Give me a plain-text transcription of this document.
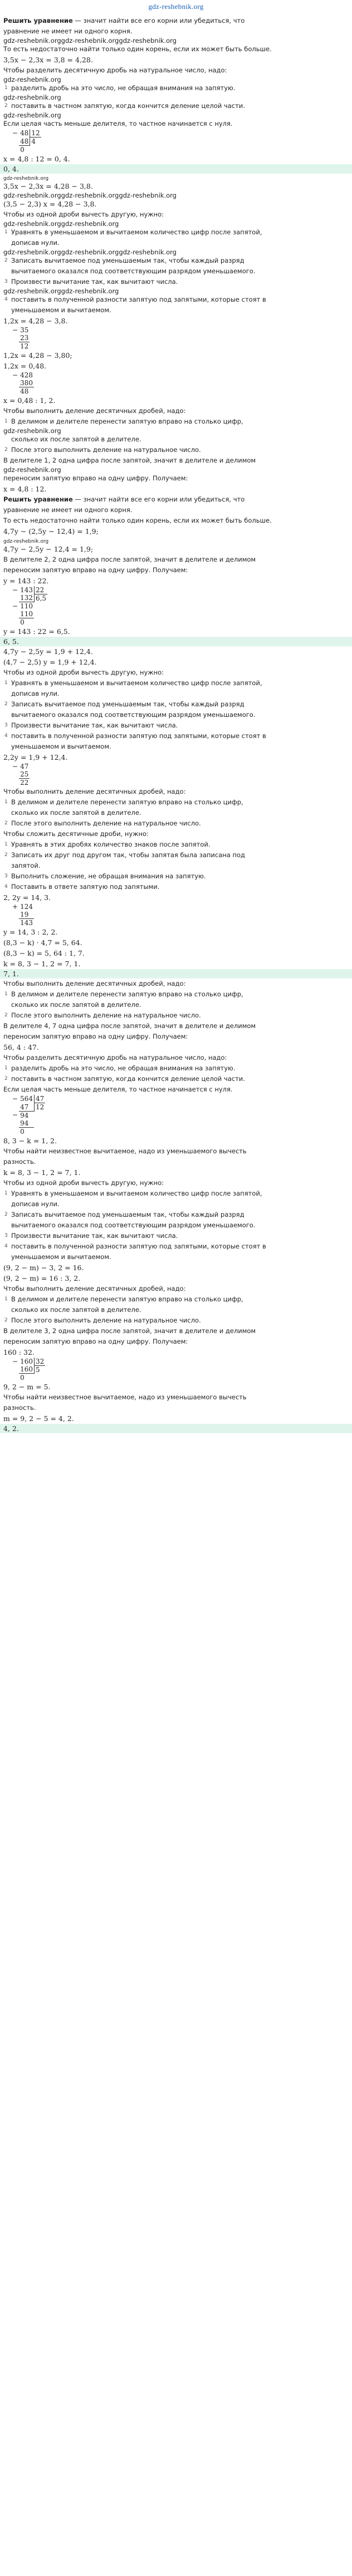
gdz-reshebnik.org

Решить уравнение — значит найти все его корни или убедиться, что

уравнение не имеет ни одного корня.

gdz-reshebnik.orggdz-reshebnik.orggdz-reshebnik.org

То есть недостаточно найти только один корень, если их может быть больше.

3,5x − 2,3x = 3,8 = 4,28.

Чтобы разделить десятичную дробь на натуральное число, надо:

gdz-reshebnik.org
1 разделить дробь на это число, не обращая внимания на запятую.
gdz-reshebnik.org
2 поставить в частном запятую, когда кончится деление целой части.
gdz-reshebnik.org

Если целая часть меньше делителя, то частное начинается с нуля.

−	48	12
	48	4
	0	

x = 4,8 : 12 = 0, 4.

0, 4.
gdz-reshebnik.org

3,5x − 2,3x = 4,28 − 3,8.

gdz-reshebnik.orggdz-reshebnik.orggdz-reshebnik.org

(3,5 − 2,3) x = 4,28 − 3,8.

Чтобы из одной дроби вычесть другую, нужно:

gdz-reshebnik.orggdz-reshebnik.org
1 Уравнять в уменьшаемом и вычитаемом количество цифр после запятой,

дописав нули.

gdz-reshebnik.orggdz-reshebnik.orggdz-reshebnik.org
2 Записать вычитаемое под уменьшаемым так, чтобы каждый разряд

вычитаемого оказался под соответствующим разрядом уменьшаемого.

3 Произвести вычитание так, как вычитают числа.
gdz-reshebnik.orggdz-reshebnik.org
4 поставить в полученной разности запятую под запятыми, которые стоят в

уменьшаемом и вычитаемом.

1,2x = 4,28 − 3,8.

−	35
	23
	12

1,2x = 4,28 − 3,80;

1,2x = 0,48.

−	428
	380
	48

x = 0,48 : 1, 2.

Чтобы выполнить деление десятичных дробей, надо:

1 В делимом и делителе перенести запятую вправо на столько цифр,
gdz-reshebnik.org

сколько их после запятой в делителе.

2 После этого выполнить деление на натуральное число.

В делителе 1, 2 одна цифра после запятой, значит в делителе и делимом

gdz-reshebnik.org

переносим запятую вправо на одну цифру. Получаем:

x = 4,8 : 12.

Решить уравнение — значит найти все его корни или убедиться, что

уравнение не имеет ни одного корня.

То есть недостаточно найти только один корень, если их может быть больше.

4,7y − (2,5y − 12,4) = 1,9;

gdz-reshebnik.org

4,7y − 2,5y − 12,4 = 1,9;

В делителе 2, 2 одна цифра после запятой, значит в делителе и делимом

переносим запятую вправо на одну цифру. Получаем:

y = 143 : 22.

−	143	22
	132	6,5
−	110	
	110	
	0	

y = 143 : 22 = 6,5.

6, 5.

4,7y − 2,5y = 1,9 + 12,4.

(4,7 − 2,5) y = 1,9 + 12,4.

Чтобы из одной дроби вычесть другую, нужно:

1 Уравнять в уменьшаемом и вычитаемом количество цифр после запятой,

дописав нули.

2 Записать вычитаемое под уменьшаемым так, чтобы каждый разряд

вычитаемого оказался под соответствующим разрядом уменьшаемого.

3 Произвести вычитание так, как вычитают числа.
4 поставить в полученной разности запятую под запятыми, которые стоят в

уменьшаемом и вычитаемом.

2,2y = 1,9 + 12,4.

−	47
	25
	22

Чтобы выполнить деление десятичных дробей, надо:

1 В делимом и делителе перенести запятую вправо на столько цифр,

сколько их после запятой в делителе.

2 После этого выполнить деление на натуральное число.

Чтобы сложить десятичные дроби, нужно:

1 Уравнять в этих дробях количество знаков после запятой.
2 Записать их друг под другом так, чтобы запятая была записана под

запятой.

3 Выполнить сложение, не обращая внимания на запятую.
4 Поставить в ответе запятую под запятыми.

2, 2y = 14, 3.

+	124
	19
	143

y = 14, 3 : 2, 2.

(8,3 − k) · 4,7 = 5, 64.

(8,3 − k) = 5, 64 : 1, 7.

k = 8, 3 − 1, 2 = 7, 1.

7, 1.

Чтобы выполнить деление десятичных дробей, надо:

1 В делимом и делителе перенести запятую вправо на столько цифр,

сколько их после запятой в делителе.

2 После этого выполнить деление на натуральное число.

В делителе 4, 7 одна цифра после запятой, значит в делителе и делимом

переносим запятую вправо на одну цифру. Получаем:

56, 4 : 47.

Чтобы разделить десятичную дробь на натуральное число, надо:

1 разделить дробь на это число, не обращая внимания на запятую.
2 поставить в частном запятую, когда кончится деление целой части.

Если целая часть меньше делителя, то частное начинается с нуля.

−	564	47
	47	12
−	94	
	94	
	0	

8, 3 − k = 1, 2.

Чтобы найти неизвестное вычитаемое, надо из уменьшаемого вычесть

разность.

k = 8, 3 − 1, 2 = 7, 1.

Чтобы из одной дроби вычесть другую, нужно:

1 Уравнять в уменьшаемом и вычитаемом количество цифр после запятой,

дописав нули.

2 Записать вычитаемое под уменьшаемым так, чтобы каждый разряд

вычитаемого оказался под соответствующим разрядом уменьшаемого.

3 Произвести вычитание так, как вычитают числа.
4 поставить в полученной разности запятую под запятыми, которые стоят в

уменьшаемом и вычитаемом.

(9, 2 − m) − 3, 2 = 16.

(9, 2 − m) = 16 : 3, 2.

Чтобы выполнить деление десятичных дробей, надо:

1 В делимом и делителе перенести запятую вправо на столько цифр,

сколько их после запятой в делителе.

2 После этого выполнить деление на натуральное число.

В делителе 3, 2 одна цифра после запятой, значит в делителе и делимом

переносим запятую вправо на одну цифру. Получаем:

160 : 32.

−	160	32
	160	5
	0	

9, 2 − m = 5.

Чтобы найти неизвестное вычитаемое, надо из уменьшаемого вычесть

разность.

m = 9, 2 − 5 = 4, 2.

4, 2.
